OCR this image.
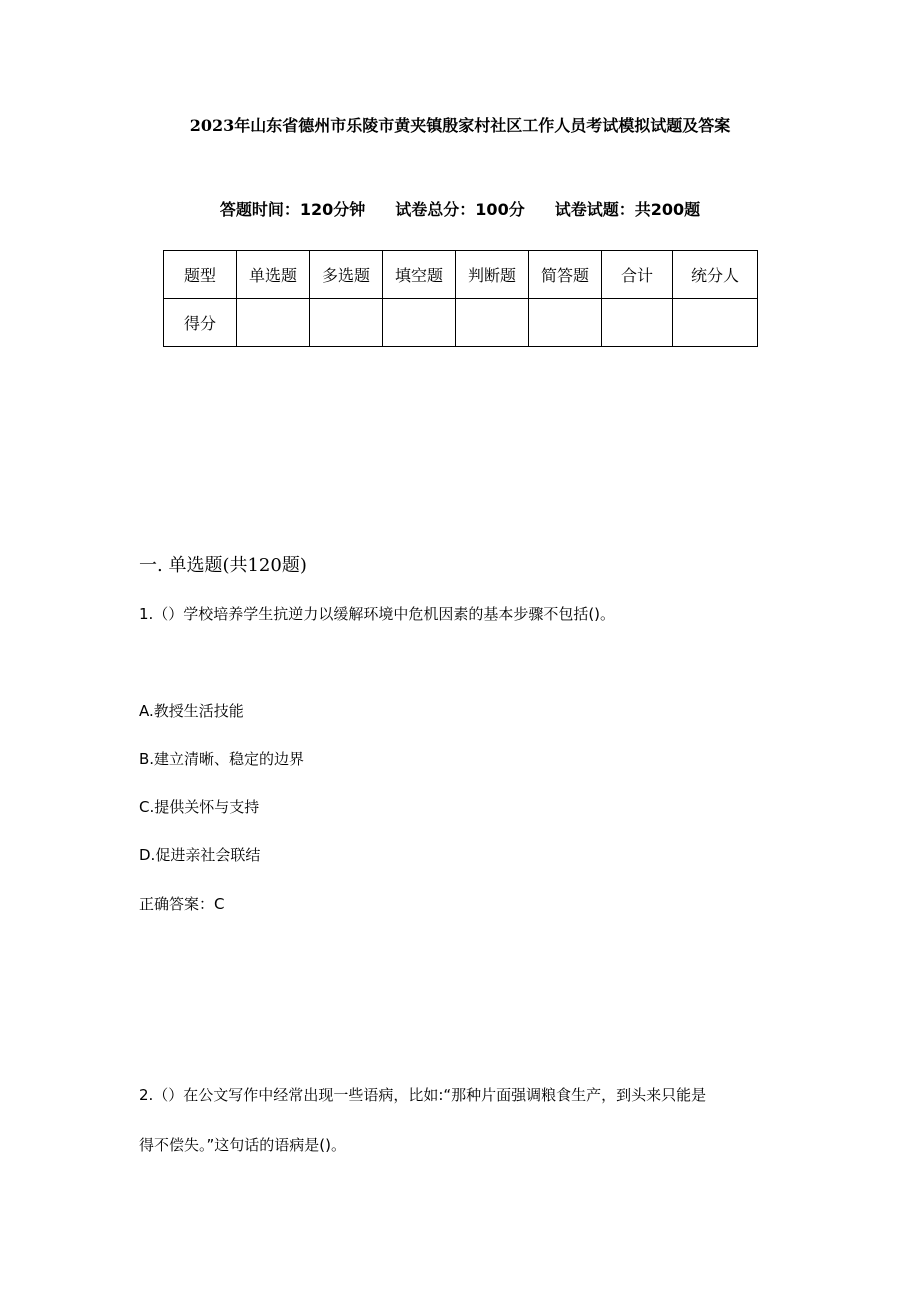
2023年山东省德州市乐陵市黄夹镇殷家村社区工作人员考试模拟试题及答案
答题时间：120分钟 试卷总分：100分 试卷试题：共200题
题型	单选题	多选题	填空题	判断题	简答题	合计	统分人
得分							
一. 单选题(共120题)
1.（）学校培养学生抗逆力以缓解环境中危机因素的基本步骤不包括()。
A.教授生活技能
B.建立清晰、稳定的边界
C.提供关怀与支持
D.促进亲社会联结
正确答案：C
2.（）在公文写作中经常出现一些语病，比如:“那种片面强调粮食生产，到头来只能是
得不偿失。”这句话的语病是()。
